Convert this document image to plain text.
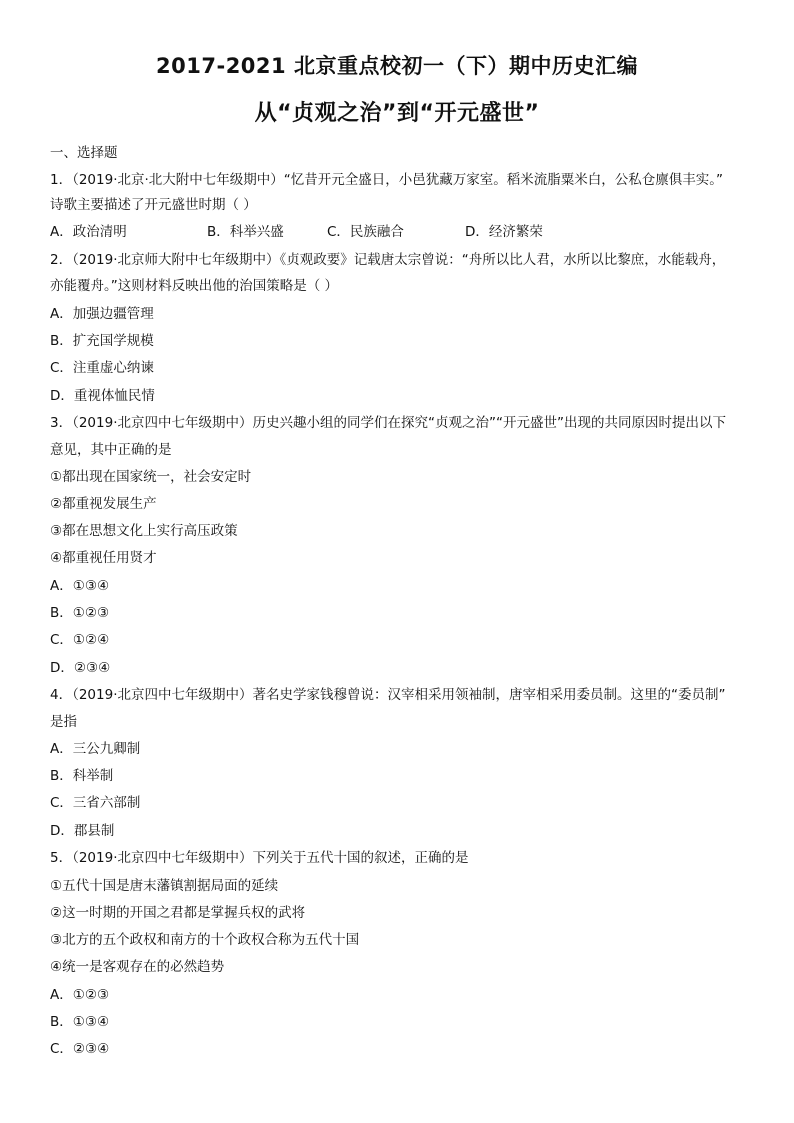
2017-2021 北京重点校初一（下）期中历史汇编
从“贞观之治”到“开元盛世”
一、选择题
1．（2019·北京·北大附中七年级期中）“忆昔开元全盛日，小邑犹藏万家室。稻米流脂粟米白，公私仓廪俱丰实。”
诗歌主要描述了开元盛世时期（ ）
A．政治清明	B．科举兴盛	C．民族融合	D．经济繁荣
2．（2019·北京师大附中七年级期中）《贞观政要》记载唐太宗曾说：“舟所以比人君，水所以比黎庶，水能载舟，
亦能覆舟。”这则材料反映出他的治国策略是（ ）
A．加强边疆管理
B．扩充国学规模
C．注重虚心纳谏
D．重视体恤民情
3．（2019·北京四中七年级期中）历史兴趣小组的同学们在探究“贞观之治”“开元盛世”出现的共同原因时提出以下
意见，其中正确的是
①都出现在国家统一，社会安定时
②都重视发展生产
③都在思想文化上实行高压政策
④都重视任用贤才
A．①③④
B．①②③
C．①②④
D．②③④
4．（2019·北京四中七年级期中）著名史学家钱穆曾说：汉宰相采用领袖制，唐宰相采用委员制。这里的“委员制”
是指
A．三公九卿制
B．科举制
C．三省六部制
D．郡县制
5．（2019·北京四中七年级期中）下列关于五代十国的叙述，正确的是
①五代十国是唐末藩镇割据局面的延续
②这一时期的开国之君都是掌握兵权的武将
③北方的五个政权和南方的十个政权合称为五代十国
④统一是客观存在的必然趋势
A．①②③
B．①③④
C．②③④
